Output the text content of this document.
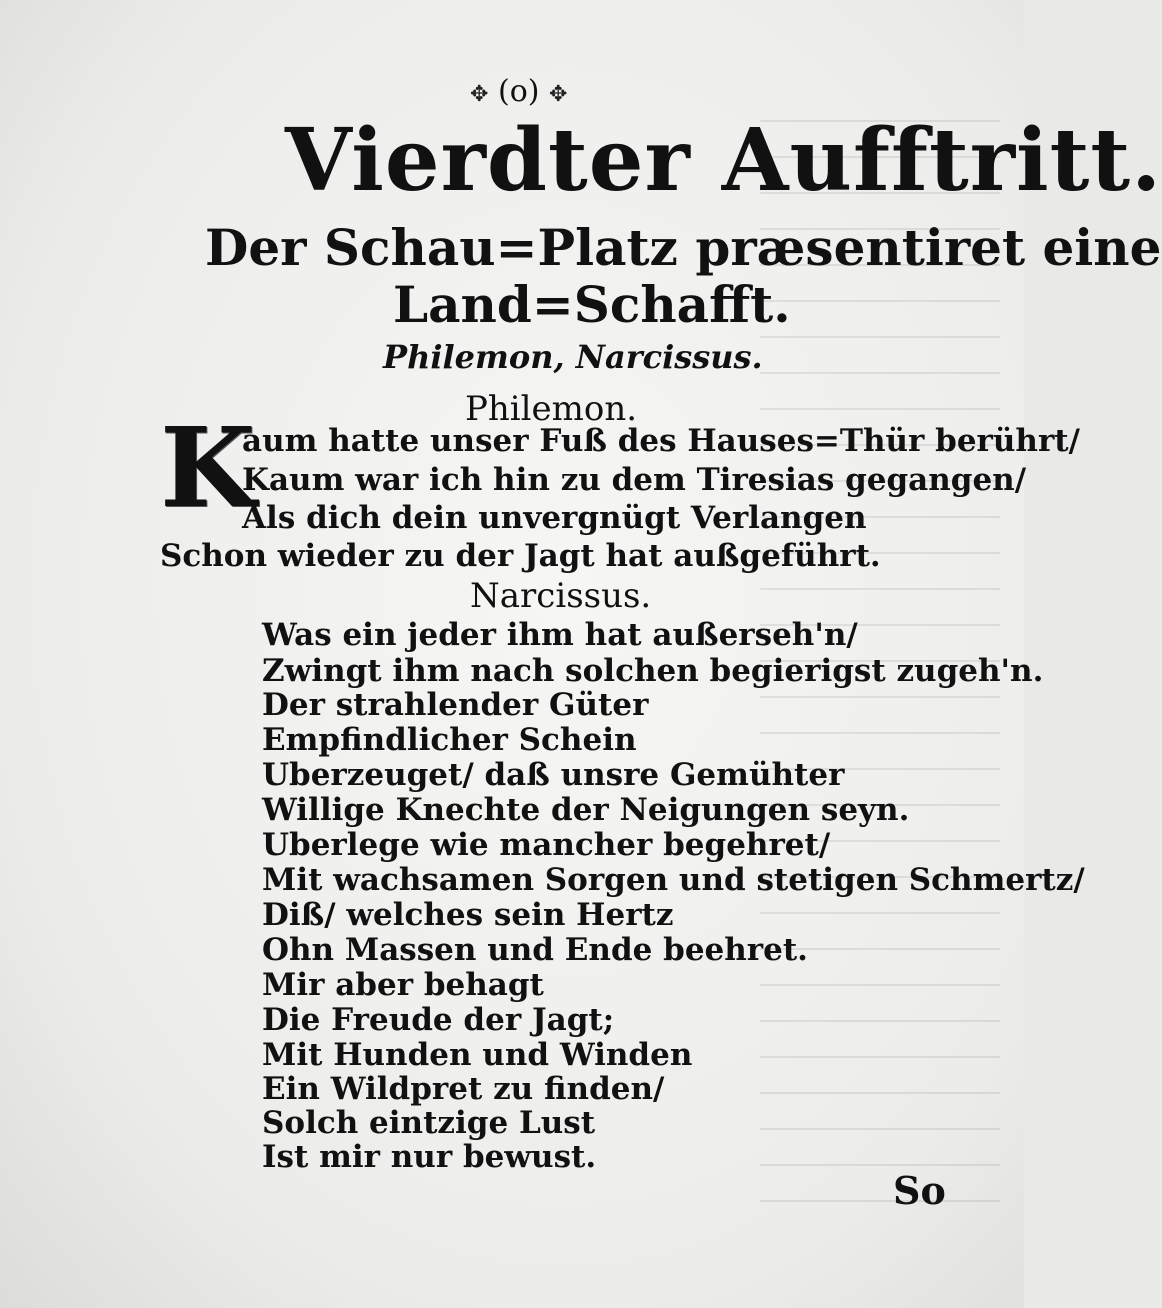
✥ (o) ✥
Vierdter Aufftritt.
Der Schau=Platz præsentiret eine
Land=Schafft.
Philemon, Narcissus.
Philemon.
K
aum hatte unser Fuß des Hauses=Thür berührt/
Kaum war ich hin zu dem Tiresias gegangen/
Als dich dein unvergnügt Verlangen
Schon wieder zu der Jagt hat außgeführt.
Narcissus.
Was ein jeder ihm hat außerseh'n/
Zwingt ihm nach solchen begierigst zugeh'n.
Der strahlender Güter
Empfindlicher Schein
Uberzeuget/ daß unsre Gemühter
Willige Knechte der Neigungen seyn.
Uberlege wie mancher begehret/
Mit wachsamen Sorgen und stetigen Schmertz/
Diß/ welches sein Hertz
Ohn Massen und Ende beehret.
Mir aber behagt
Die Freude der Jagt;
Mit Hunden und Winden
Ein Wildpret zu finden/
Solch eintzige Lust
Ist mir nur bewust.
So
